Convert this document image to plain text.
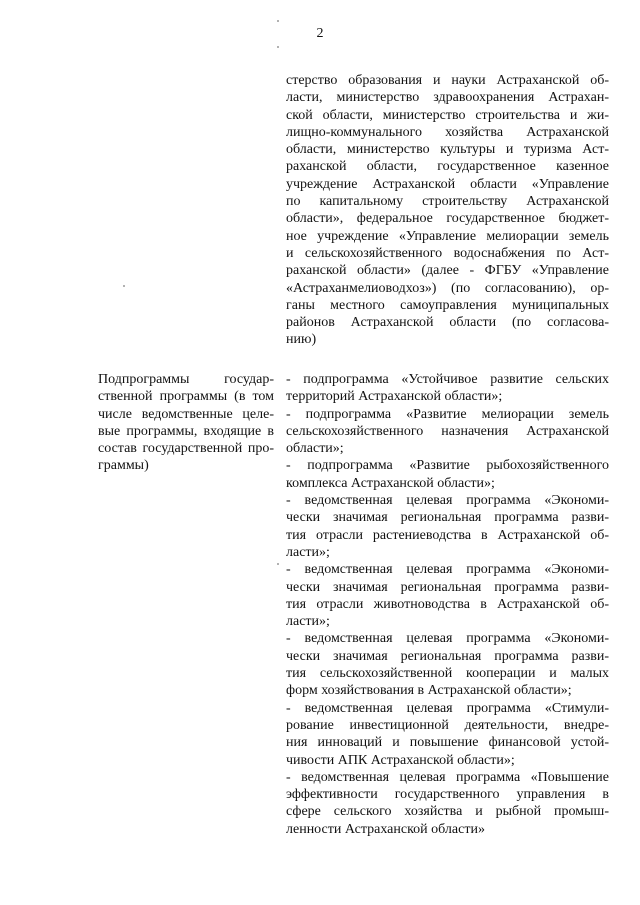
2
стерство образования и науки Астраханской об-
ласти, министерство здравоохранения Астрахан-
ской области, министерство строительства и жи-
лищно-коммунального хозяйства Астраханской
области, министерство культуры и туризма Аст-
раханской области, государственное казенное
учреждение Астраханской области «Управление
по капитальному строительству Астраханской
области», федеральное государственное бюджет-
ное учреждение «Управление мелиорации земель
и сельскохозяйственного водоснабжения по Аст-
раханской области» (далее - ФГБУ «Управление
«Астраханмелиоводхоз») (по согласованию), ор-
ганы местного самоуправления муниципальных
районов Астраханской области (по согласова-
нию)
Подпрограммы государ-
ственной программы (в том
числе ведомственные целе-
вые программы, входящие в
состав государственной про-
граммы)
- подпрограмма «Устойчивое развитие сельских
территорий Астраханской области»;
- подпрограмма «Развитие мелиорации земель
сельскохозяйственного назначения Астраханской
области»;
- подпрограмма «Развитие рыбохозяйственного
комплекса Астраханской области»;
- ведомственная целевая программа «Экономи-
чески значимая региональная программа разви-
тия отрасли растениеводства в Астраханской об-
ласти»;
- ведомственная целевая программа «Экономи-
чески значимая региональная программа разви-
тия отрасли животноводства в Астраханской об-
ласти»;
- ведомственная целевая программа «Экономи-
чески значимая региональная программа разви-
тия сельскохозяйственной кооперации и малых
форм хозяйствования в Астраханской области»;
- ведомственная целевая программа «Стимули-
рование инвестиционной деятельности, внедре-
ния инноваций и повышение финансовой устой-
чивости АПК Астраханской области»;
- ведомственная целевая программа «Повышение
эффективности государственного управления в
сфере сельского хозяйства и рыбной промыш-
ленности Астраханской области»
